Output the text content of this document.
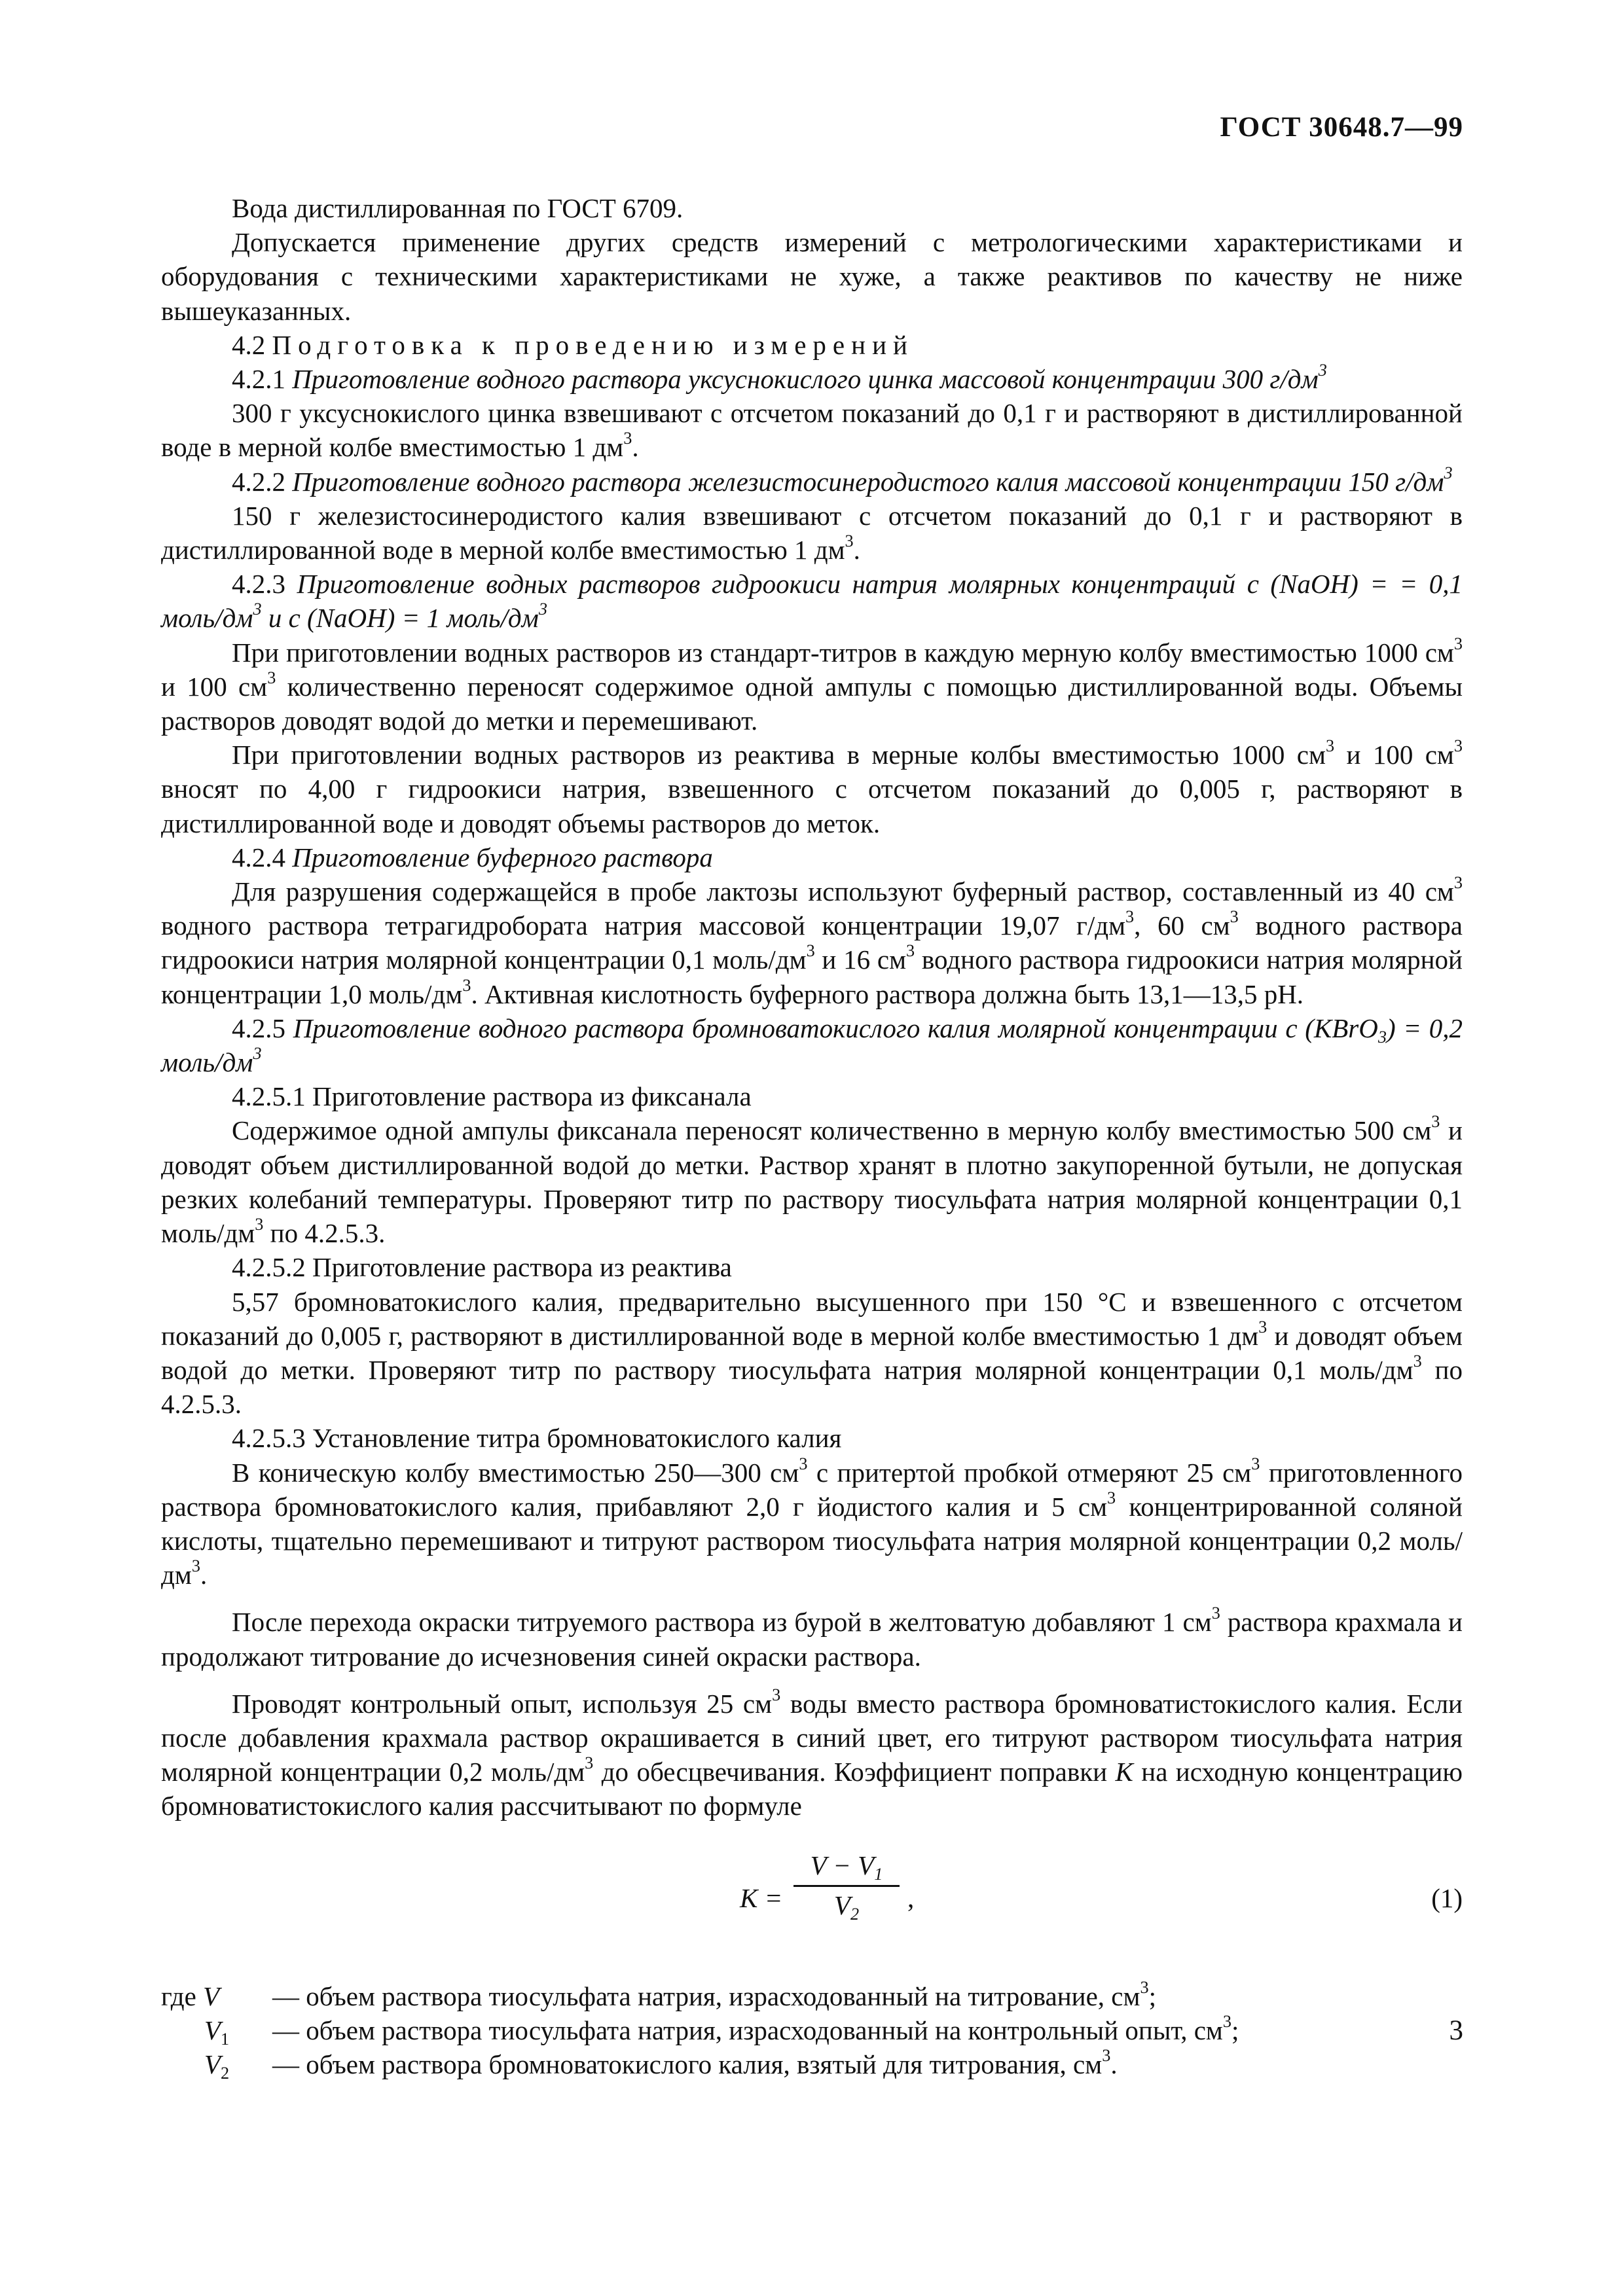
ГОСТ 30648.7—99

Вода дистиллированная по ГОСТ 6709.

Допускается применение других средств измерений с метрологическими характеристиками и оборудования с техническими характеристиками не хуже, а также реактивов по качеству не ниже вышеуказанных.

4.2 Подготовка к проведению измерений

4.2.1 Приготовление водного раствора уксуснокислого цинка массовой концентрации 300 $г/дм^3$

300 г уксуснокислого цинка взвешивают с отсчетом показаний до 0,1 г и растворяют в дистиллированной воде в мерной колбе вместимостью 1 $дм^3$.

4.2.2 Приготовление водного раствора железистосинеродистого калия массовой концентрации 150 $г/дм^3$

150 г железистосинеродистого калия взвешивают с отсчетом показаний до 0,1 г и растворяют в дистиллированной воде в мерной колбе вместимостью 1 $дм^3$.

4.2.3 Приготовление водных растворов гидроокиси натрия молярных концентраций с (NaOH) = = 0,1 моль/$дм^3$ и с (NaOH) = 1 моль/$дм^3$

При приготовлении водных растворов из стандарт-титров в каждую мерную колбу вместимостью 1000 $см^3$ и 100 $см^3$ количественно переносят содержимое одной ампулы с помощью дистиллированной воды. Объемы растворов доводят водой до метки и перемешивают.

При приготовлении водных растворов из реактива в мерные колбы вместимостью 1000 $см^3$ и 100 $см^3$ вносят по 4,00 г гидроокиси натрия, взвешенного с отсчетом показаний до 0,005 г, растворяют в дистиллированной воде и доводят объемы растворов до меток.

4.2.4 Приготовление буферного раствора

Для разрушения содержащейся в пробе лактозы используют буферный раствор, составленный из 40 $см^3$ водного раствора тетрагидробората натрия массовой концентрации 19,07 $г/дм^3$, 60 $см^3$ водного раствора гидроокиси натрия молярной концентрации 0,1 моль/$дм^3$ и 16 $см^3$ водного раствора гидроокиси натрия молярной концентрации 1,0 моль/$дм^3$. Активная кислотность буферного раствора должна быть 13,1—13,5 pH.

4.2.5 Приготовление водного раствора бромноватокислого калия молярной концентрации с (KBrO$_3$) = 0,2 моль/$дм^3$

4.2.5.1 Приготовление раствора из фиксанала

Содержимое одной ампулы фиксанала переносят количественно в мерную колбу вместимостью 500 $см^3$ и доводят объем дистиллированной водой до метки. Раствор хранят в плотно закупоренной бутыли, не допуская резких колебаний температуры. Проверяют титр по раствору тиосульфата натрия молярной концентрации 0,1 моль/$дм^3$ по 4.2.5.3.

4.2.5.2 Приготовление раствора из реактива

5,57 бромноватокислого калия, предварительно высушенного при 150 °С и взвешенного с отсчетом показаний до 0,005 г, растворяют в дистиллированной воде в мерной колбе вместимостью 1 $дм^3$ и доводят объем водой до метки. Проверяют титр по раствору тиосульфата натрия молярной концентрации 0,1 моль/$дм^3$ по 4.2.5.3.

4.2.5.3 Установление титра бромноватокислого калия

В коническую колбу вместимостью 250—300 $см^3$ с притертой пробкой отмеряют 25 $см^3$ приготовленного раствора бромноватокислого калия, прибавляют 2,0 г йодистого калия и 5 $см^3$ концентрированной соляной кислоты, тщательно перемешивают и титруют раствором тиосульфата натрия молярной концентрации 0,2 моль/$дм^3$.

После перехода окраски титруемого раствора из бурой в желтоватую добавляют 1 $см^3$ раствора крахмала и продолжают титрование до исчезновения синей окраски раствора.

Проводят контрольный опыт, используя 25 $см^3$ воды вместо раствора бромноватистокислого калия. Если после добавления крахмала раствор окрашивается в синий цвет, его титруют раствором тиосульфата натрия молярной концентрации 0,2 моль/$дм^3$ до обесцвечивания. Коэффициент поправки K на исходную концентрацию бромноватистокислого калия рассчитывают по формуле

$K = \frac{V - V_1}{V_2}$ ,	(1)
где V — объем раствора тиосульфата натрия, израсходованный на титрование, $см^3$;
$V_1$ — объем раствора тиосульфата натрия, израсходованный на контрольный опыт, $см^3$;
$V_2$ — объем раствора бромноватокислого калия, взятый для титрования, $см^3$.
3
